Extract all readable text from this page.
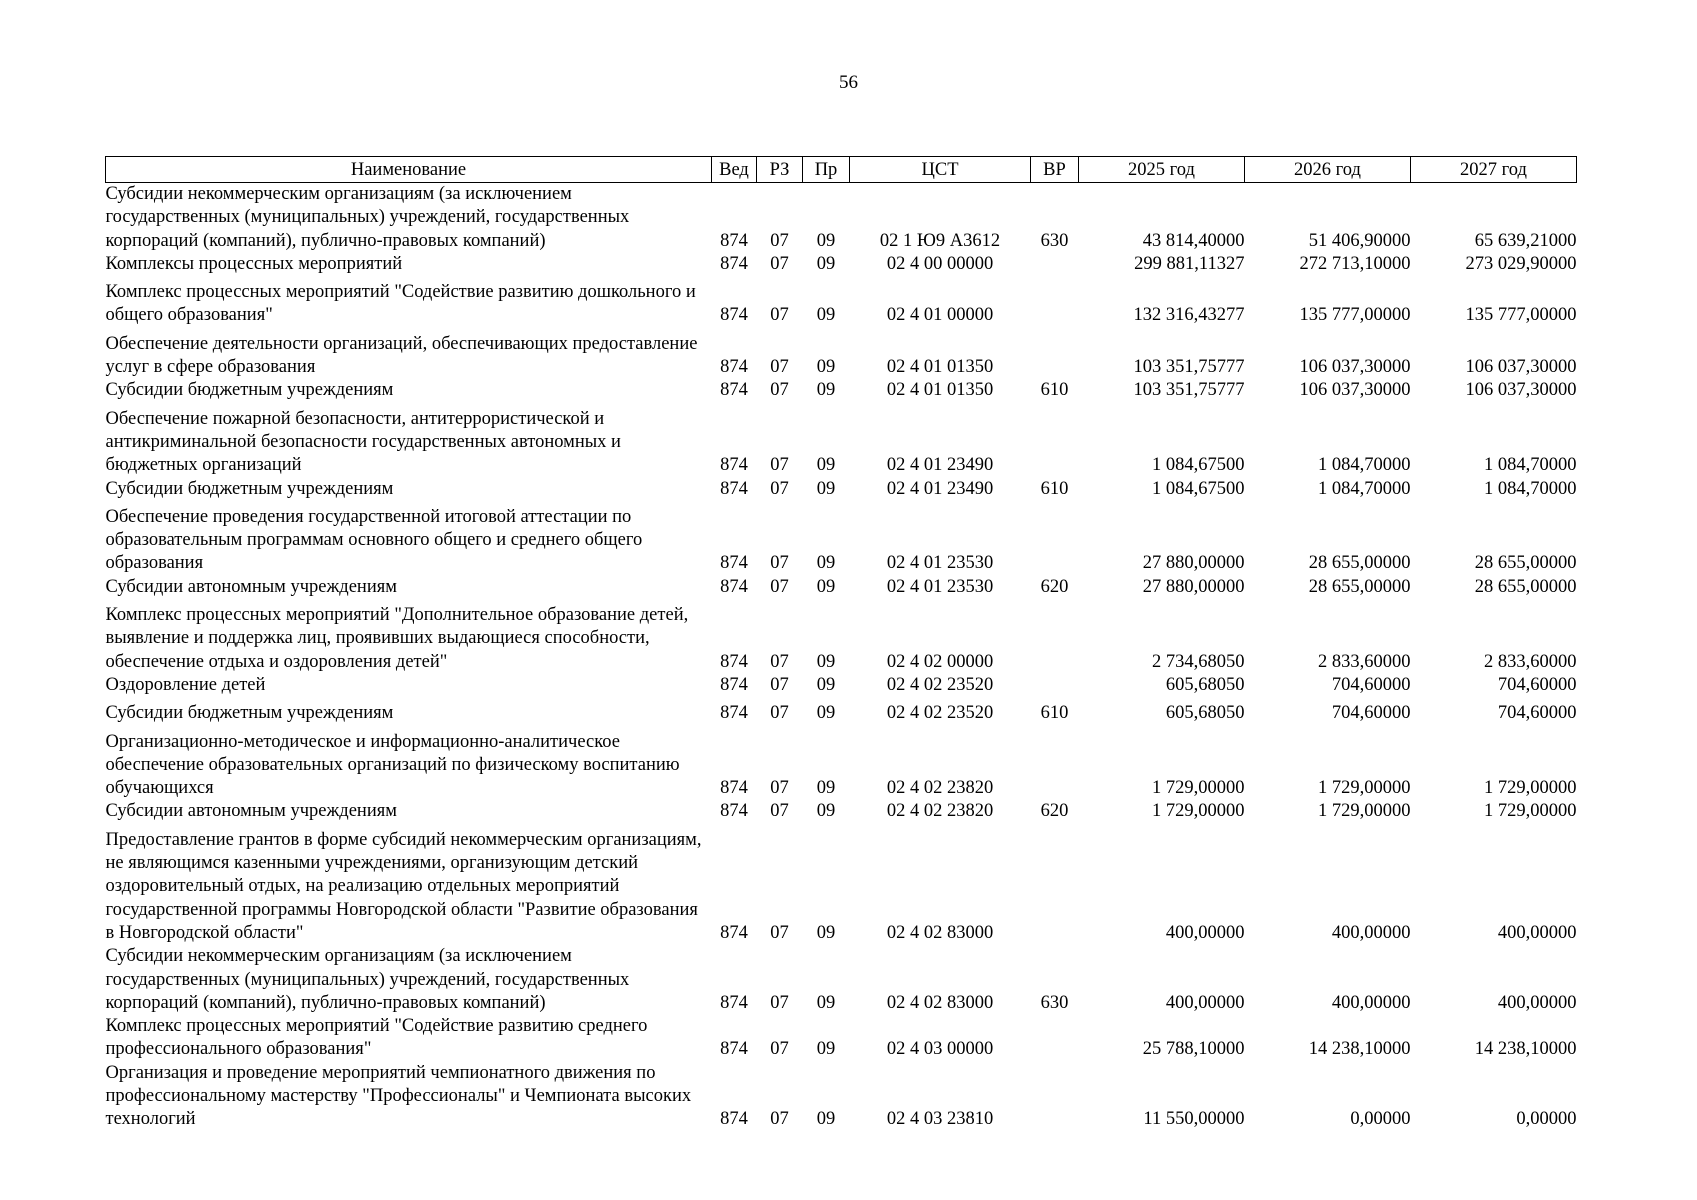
56
Наименование	Вед	РЗ	Пр	ЦСТ	ВР	2025 год	2026 год	2027 год
Субсидии некоммерческим организациям (за исключением государственных (муниципальных) учреждений, государственных корпораций (компаний), публично-правовых компаний)	874	07	09	02 1 Ю9 А3612	630	43 814,40000	51 406,90000	65 639,21000
Комплексы процессных мероприятий	874	07	09	02 4 00 00000		299 881,11327	272 713,10000	273 029,90000
Комплекс процессных мероприятий "Содействие развитию дошкольного и общего образования"	874	07	09	02 4 01 00000		132 316,43277	135 777,00000	135 777,00000
Обеспечение деятельности организаций, обеспечивающих предоставление услуг в сфере образования	874	07	09	02 4 01 01350		103 351,75777	106 037,30000	106 037,30000
Субсидии бюджетным учреждениям	874	07	09	02 4 01 01350	610	103 351,75777	106 037,30000	106 037,30000
Обеспечение пожарной безопасности, антитеррористической и антикриминальной безопасности государственных автономных и бюджетных организаций	874	07	09	02 4 01 23490		1 084,67500	1 084,70000	1 084,70000
Субсидии бюджетным учреждениям	874	07	09	02 4 01 23490	610	1 084,67500	1 084,70000	1 084,70000
Обеспечение проведения государственной итоговой аттестации по образовательным программам основного общего и среднего общего образования	874	07	09	02 4 01 23530		27 880,00000	28 655,00000	28 655,00000
Субсидии автономным учреждениям	874	07	09	02 4 01 23530	620	27 880,00000	28 655,00000	28 655,00000
Комплекс процессных мероприятий "Дополнительное образование детей, выявление и поддержка лиц, проявивших выдающиеся способности, обеспечение отдыха и оздоровления детей"	874	07	09	02 4 02 00000		2 734,68050	2 833,60000	2 833,60000
Оздоровление детей	874	07	09	02 4 02 23520		605,68050	704,60000	704,60000
Субсидии бюджетным учреждениям	874	07	09	02 4 02 23520	610	605,68050	704,60000	704,60000
Организационно-методическое и информационно-аналитическое обеспечение образовательных организаций по физическому воспитанию обучающихся	874	07	09	02 4 02 23820		1 729,00000	1 729,00000	1 729,00000
Субсидии автономным учреждениям	874	07	09	02 4 02 23820	620	1 729,00000	1 729,00000	1 729,00000
Предоставление грантов в форме субсидий некоммерческим организациям, не являющимся казенными учреждениями, организующим детский оздоровительный отдых, на реализацию отдельных мероприятий государственной программы Новгородской области "Развитие образования в Новгородской области"	874	07	09	02 4 02 83000		400,00000	400,00000	400,00000
Субсидии некоммерческим организациям (за исключением государственных (муниципальных) учреждений, государственных корпораций (компаний), публично-правовых компаний)	874	07	09	02 4 02 83000	630	400,00000	400,00000	400,00000
Комплекс процессных мероприятий "Содействие развитию среднего профессионального образования"	874	07	09	02 4 03 00000		25 788,10000	14 238,10000	14 238,10000
Организация и проведение мероприятий чемпионатного движения по профессиональному мастерству "Профессионалы" и Чемпионата высоких технологий	874	07	09	02 4 03 23810		11 550,00000	0,00000	0,00000
